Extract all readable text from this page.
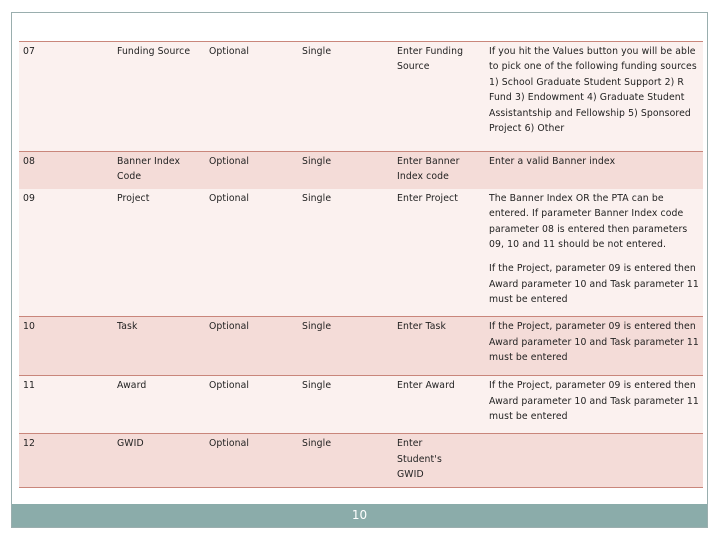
07	Funding Source	Optional	Single	Enter Funding Source	If you hit the Values button you will be able to pick one of the following funding sources 1) School Graduate Student Support 2) R Fund 3) Endowment 4) Graduate Student Assistantship and Fellowship 5) Sponsored Project 6) Other

08	Banner Index Code	Optional	Single	Enter Banner Index code	Enter a valid Banner index

09	Project	Optional	Single	Enter Project	The Banner Index OR the PTA can be entered. If parameter Banner Index code parameter 08 is entered then parameters 09, 10 and 11 should be not entered.

If the Project, parameter 09 is entered then Award parameter 10 and Task parameter 11 must be entered

10	Task	Optional	Single	Enter Task	If the Project, parameter 09 is entered then Award parameter 10 and Task parameter 11 must be entered

11	Award	Optional	Single	Enter Award	If the Project, parameter 09 is entered then Award parameter 10 and Task parameter 11 must be entered

12	GWID	Optional	Single	Enter Student's GWID	

10
